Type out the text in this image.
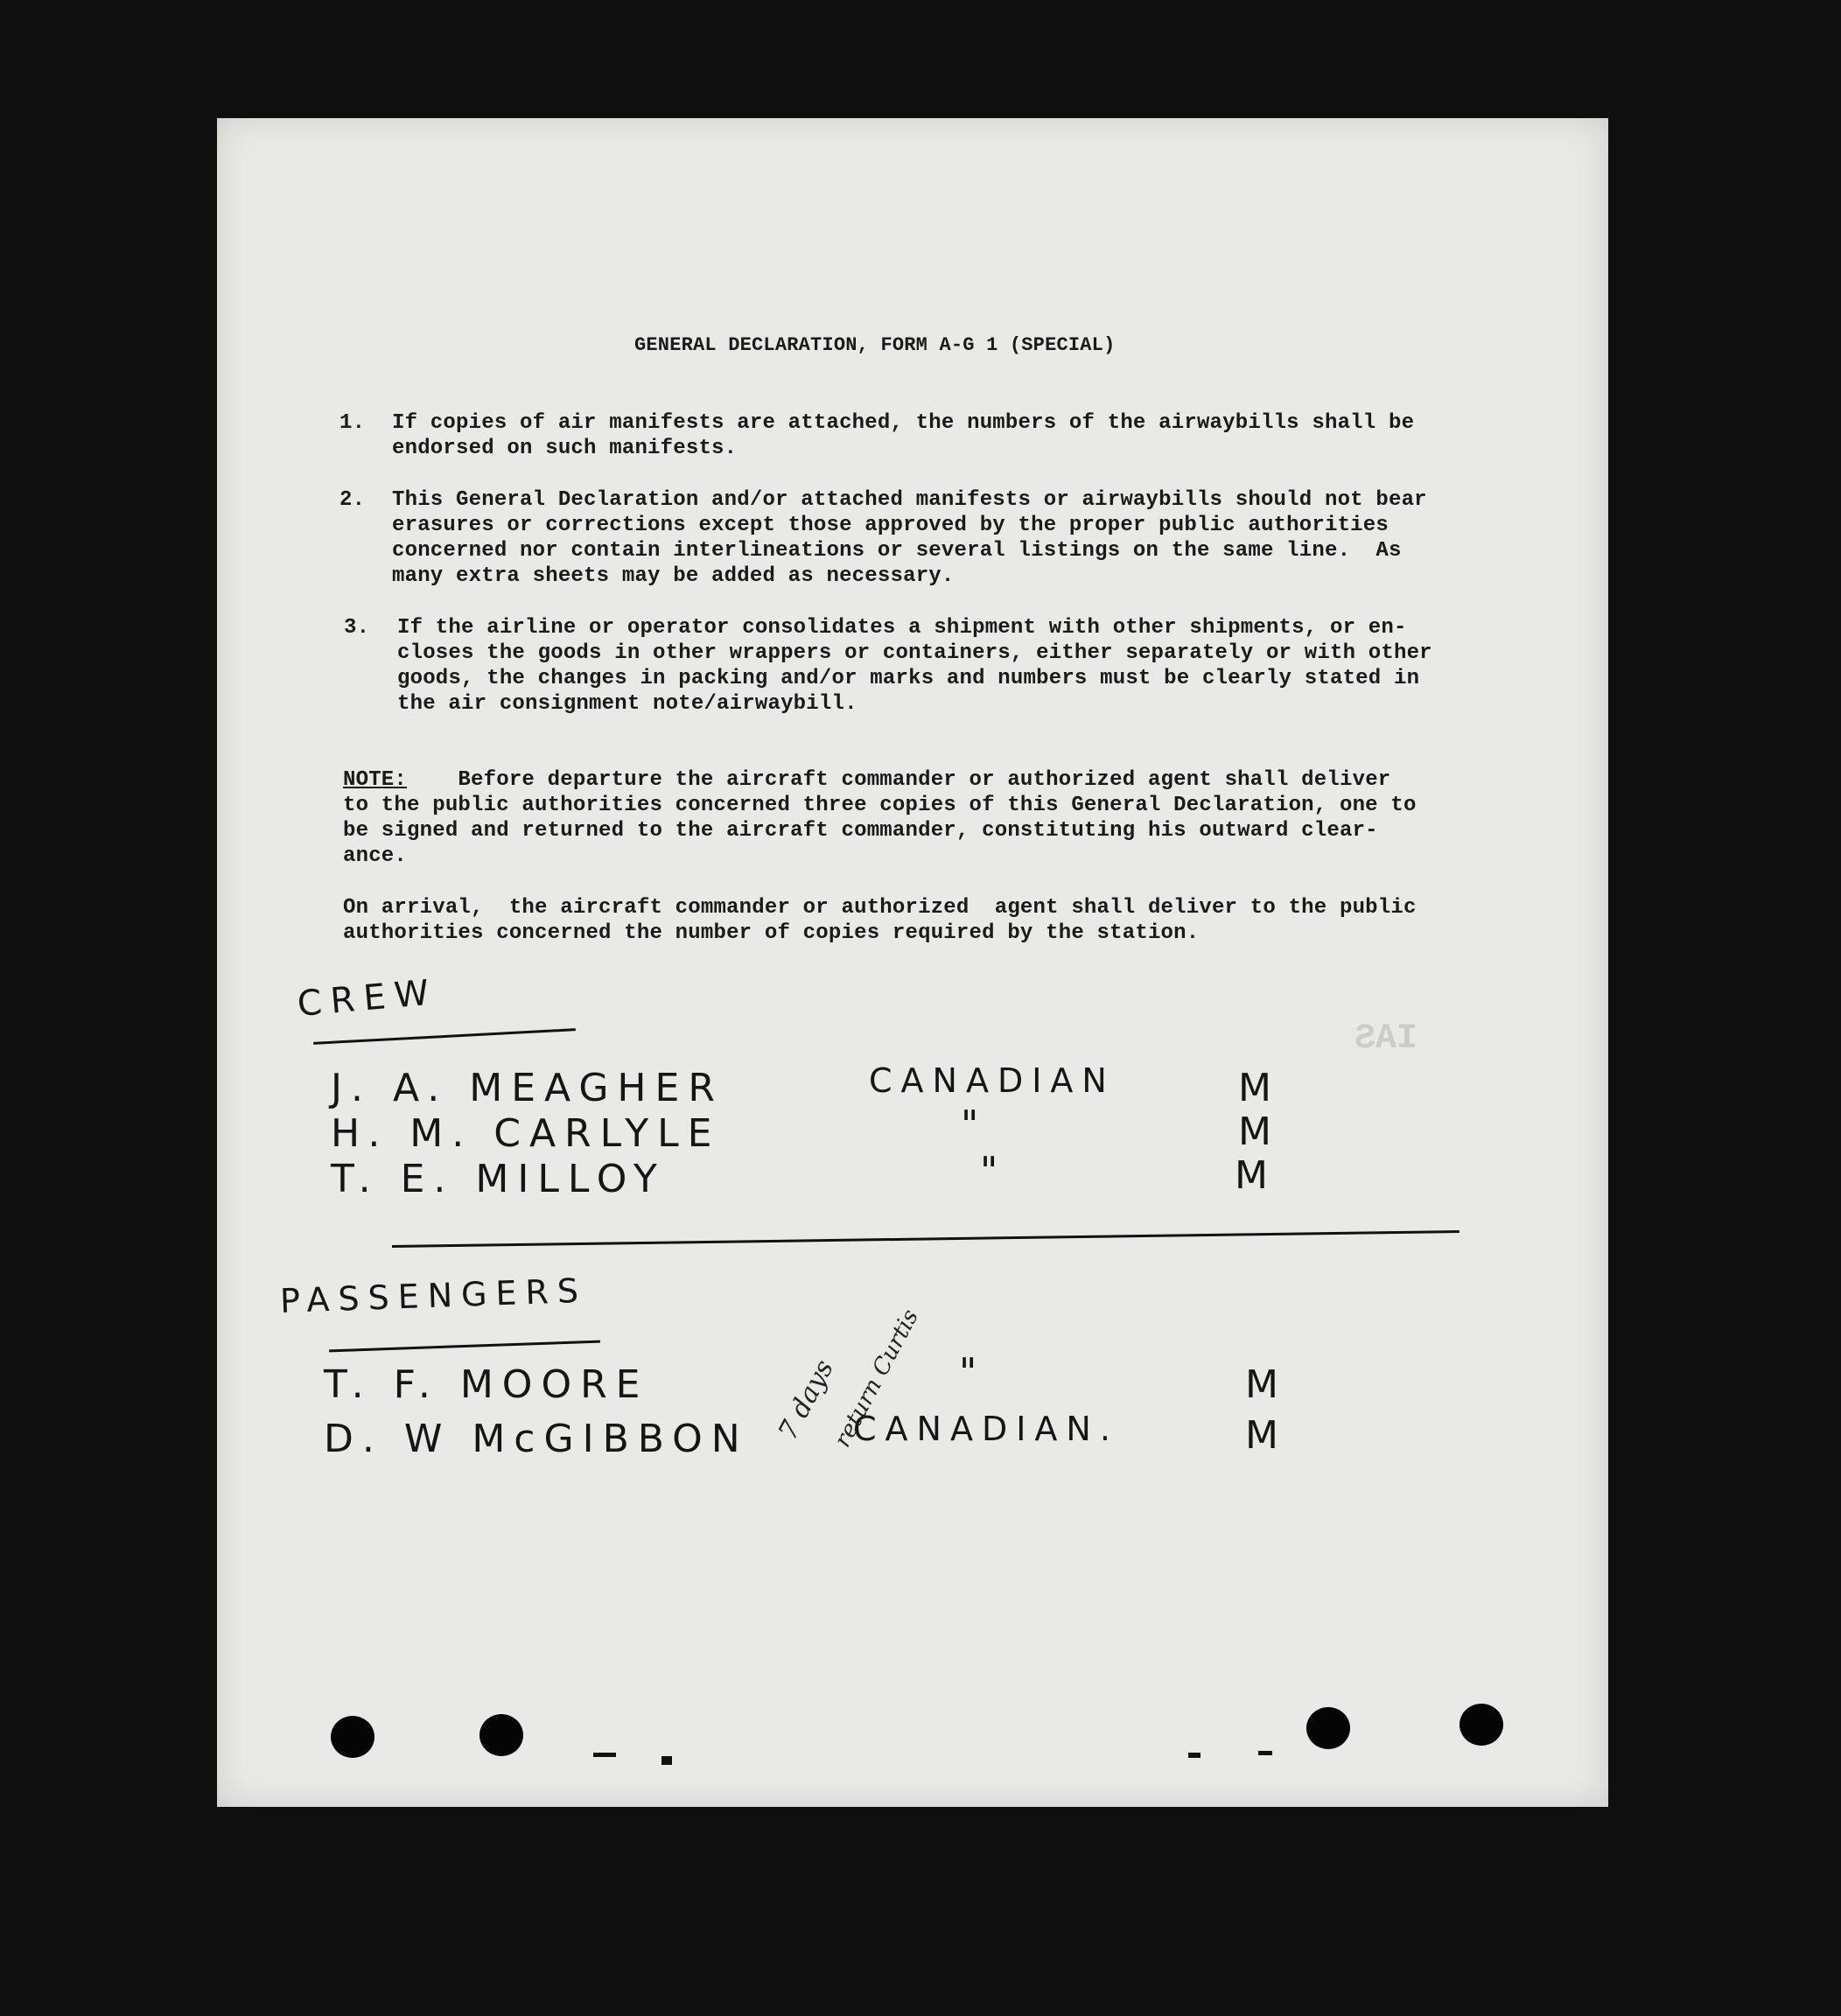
GENERAL DECLARATION, FORM A-G 1 (SPECIAL)
1.	If copies of air manifests are attached, the numbers of the airwaybills shall be
endorsed on such manifests.
2.	This General Declaration and/or attached manifests or airwaybills should not bear
erasures or corrections except those approved by the proper public authorities
concerned nor contain interlineations or several listings on the same line.  As
many extra sheets may be added as necessary.
3.	If the airline or operator consolidates a shipment with other shipments, or en-
closes the goods in other wrappers or containers, either separately or with other
goods, the changes in packing and/or marks and numbers must be clearly stated in
the air consignment note/airwaybill.
NOTE:    Before departure the aircraft commander or authorized agent shall deliver
to the public authorities concerned three copies of this General Declaration, one to
be signed and returned to the aircraft commander, constituting his outward clear-
ance.
On arrival,  the aircraft commander or authorized  agent shall deliver to the public
authorities concerned the number of copies required by the station.
IAS
CREW
J. A. MEAGHER	CANADIAN	M
H. M. CARLYLE	"	M
T. E. MILLOY	"	M
PASSENGERS
T. F. MOORE	"	M
D. W McGIBBON	CANADIAN.	M
7 days
return Curtis
